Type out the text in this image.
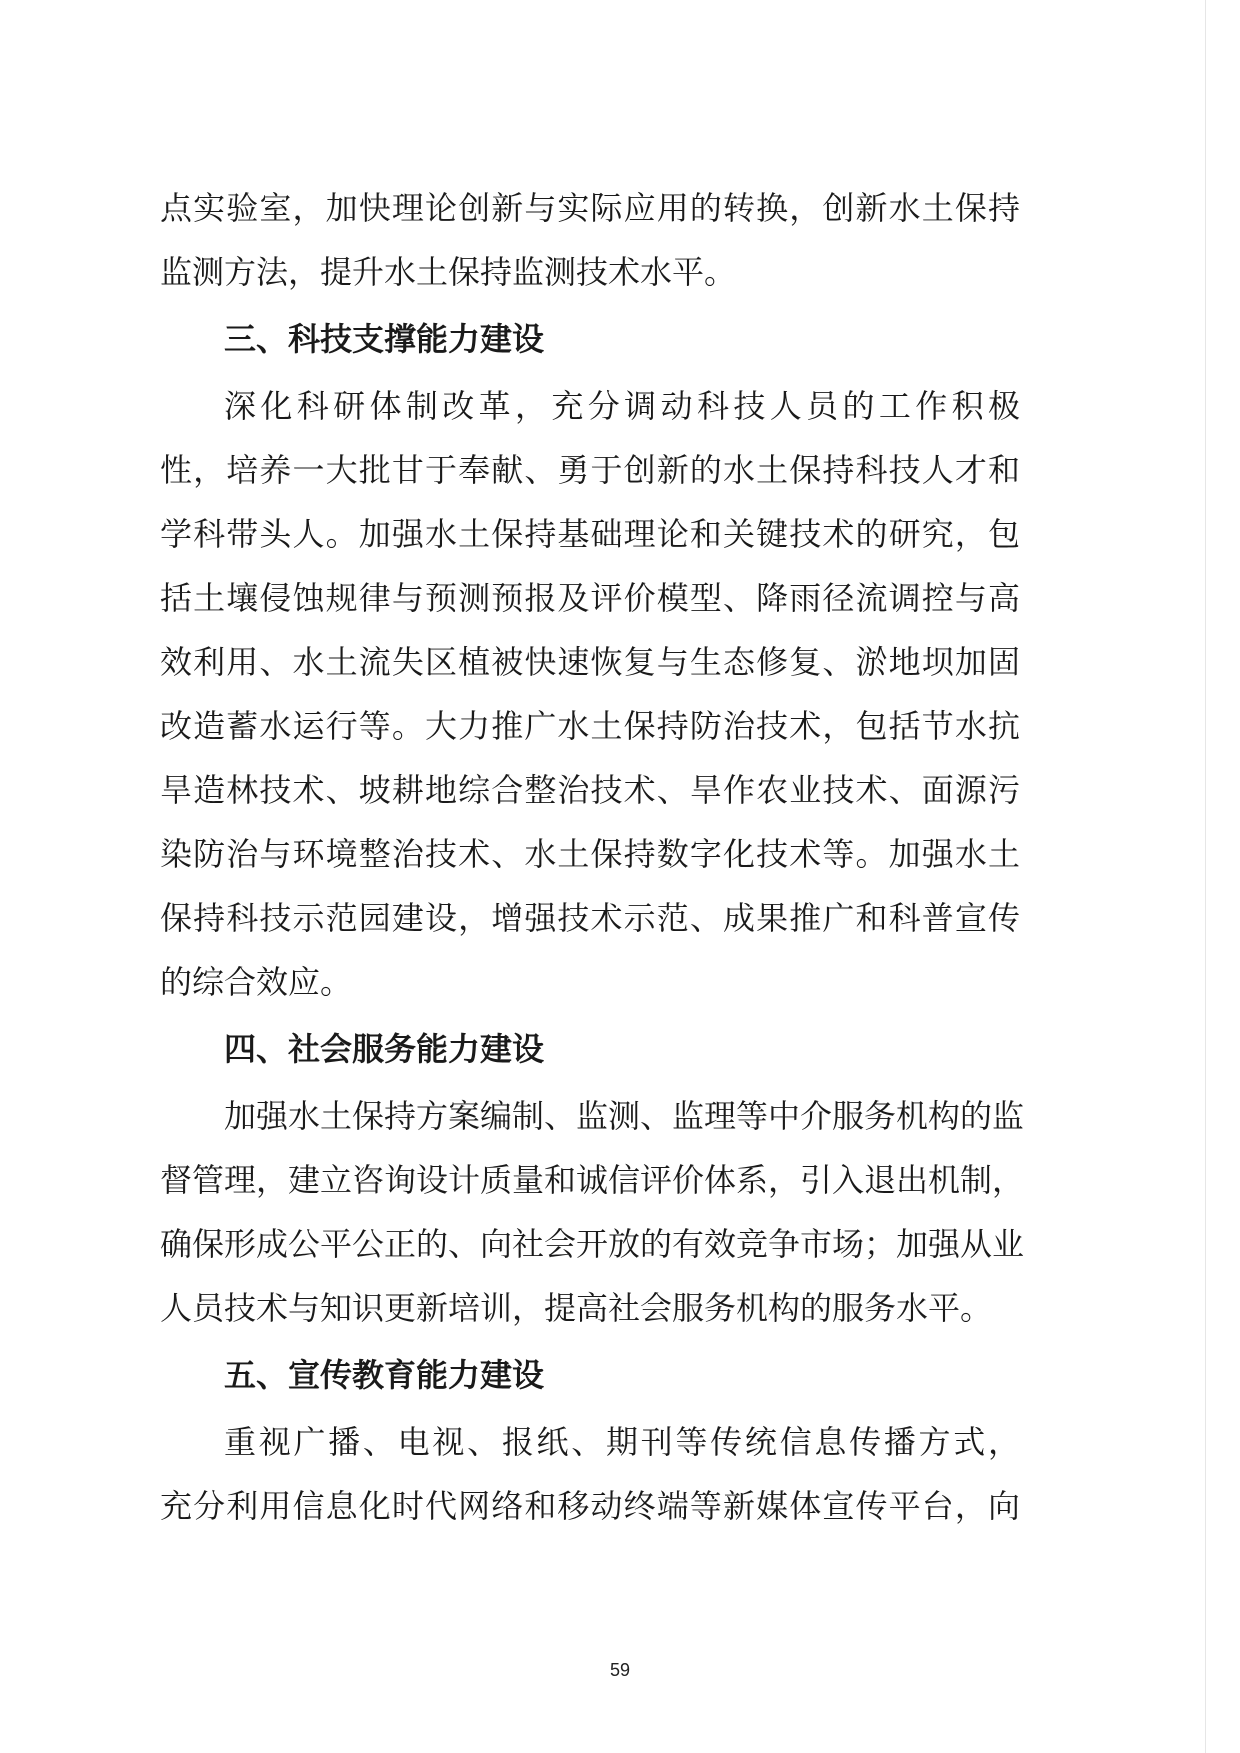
点实验室，加快理论创新与实际应用的转换，创新水土保持
监测方法，提升水土保持监测技术水平。
三、科技支撑能力建设
深化科研体制改革，充分调动科技人员的工作积极
性，培养一大批甘于奉献、勇于创新的水土保持科技人才和
学科带头人。加强水土保持基础理论和关键技术的研究，包
括土壤侵蚀规律与预测预报及评价模型、降雨径流调控与高
效利用、水土流失区植被快速恢复与生态修复、淤地坝加固
改造蓄水运行等。大力推广水土保持防治技术，包括节水抗
旱造林技术、坡耕地综合整治技术、旱作农业技术、面源污
染防治与环境整治技术、水土保持数字化技术等。加强水土
保持科技示范园建设，增强技术示范、成果推广和科普宣传
的综合效应。
四、社会服务能力建设
加强水土保持方案编制、监测、监理等中介服务机构的监
督管理，建立咨询设计质量和诚信评价体系，引入退出机制，
确保形成公平公正的、向社会开放的有效竞争市场；加强从业
人员技术与知识更新培训，提高社会服务机构的服务水平。
五、宣传教育能力建设
重视广播、电视、报纸、期刊等传统信息传播方式，
充分利用信息化时代网络和移动终端等新媒体宣传平台，向
59
